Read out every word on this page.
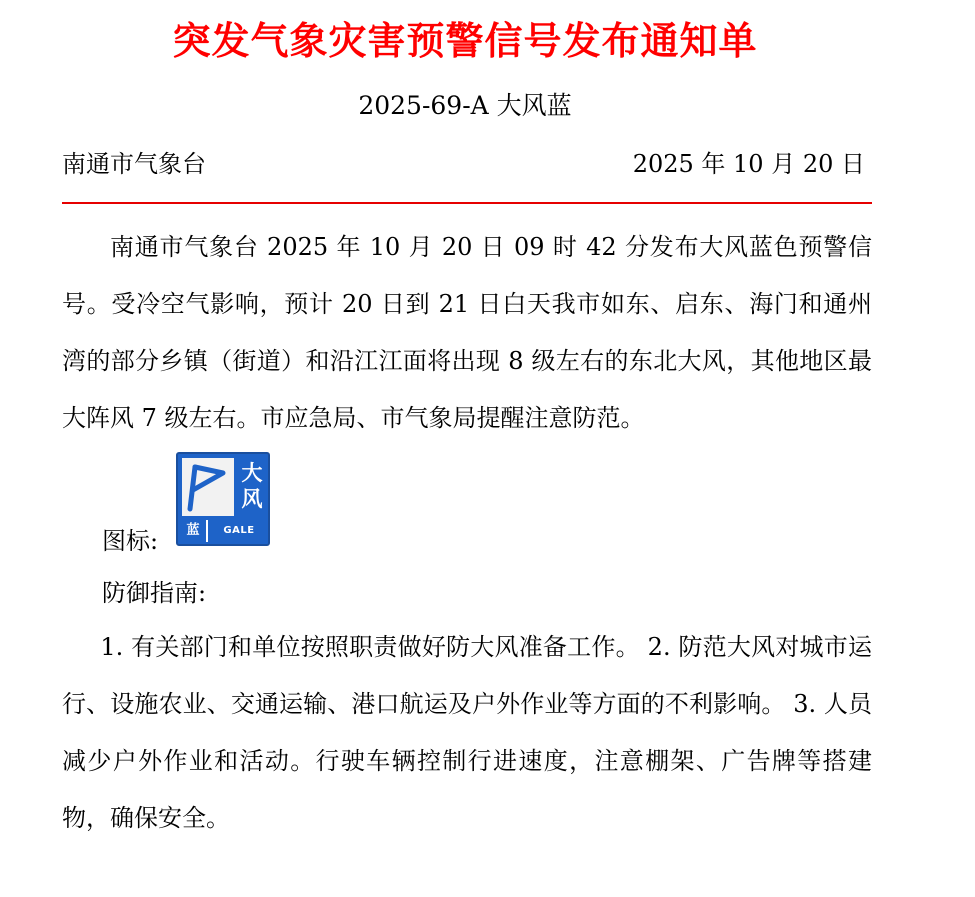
突发气象灾害预警信号发布通知单
2025-69-A 大风蓝
南通市气象台	2025 年 10 月 20 日

南通市气象台 2025 年 10 月 20 日 09 时 42 分发布大风蓝色预警信号。受冷空气影响，预计 20 日到 21 日白天我市如东、启东、海门和通州湾的部分乡镇（街道）和沿江江面将出现 8 级左右的东北大风，其他地区最大阵风 7 级左右。市应急局、市气象局提醒注意防范。

图标:
大
风
蓝	GALE
防御指南:

1. 有关部门和单位按照职责做好防大风准备工作。 2. 防范大风对城市运行、设施农业、交通运输、港口航运及户外作业等方面的不利影响。 3. 人员减少户外作业和活动。行驶车辆控制行进速度，注意棚架、广告牌等搭建物，确保安全。
